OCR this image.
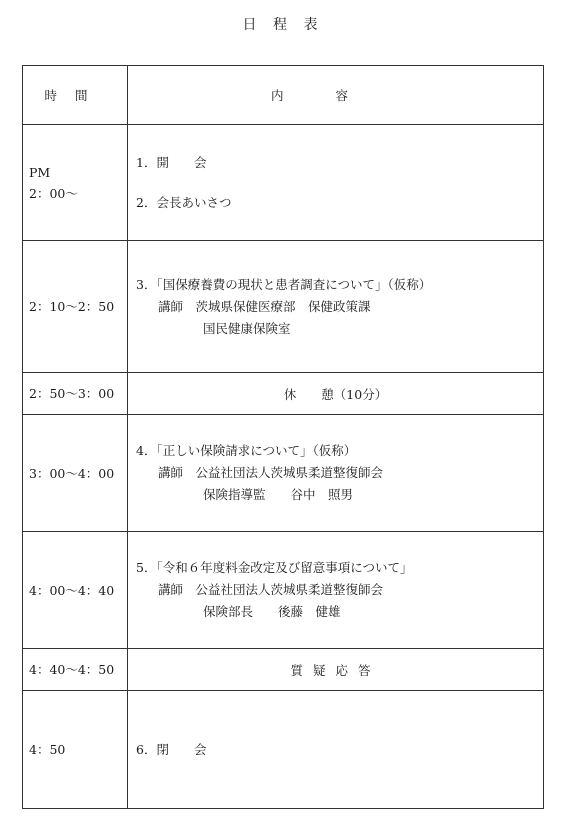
日 程 表
時間	内容
PM
2：00～	1．開　　会
2．会長あいさつ

2：10～2：50	3．「国保療養費の現状と患者調査について」（仮称）
講師　茨城県保健医療部　保健政策課
国民健康保険室

2：50～3：00	休　　憩（10分）
3：00～4：00	4．「正しい保険請求について」（仮称）
講師　公益社団法人茨城県柔道整復師会
保険指導監　　谷中　照男

4：00～4：40	5．「令和６年度料金改定及び留意事項について」
講師　公益社団法人茨城県柔道整復師会
保険部長　　後藤　健雄

4：40～4：50	質疑応答
4：50	6．閉　　会
